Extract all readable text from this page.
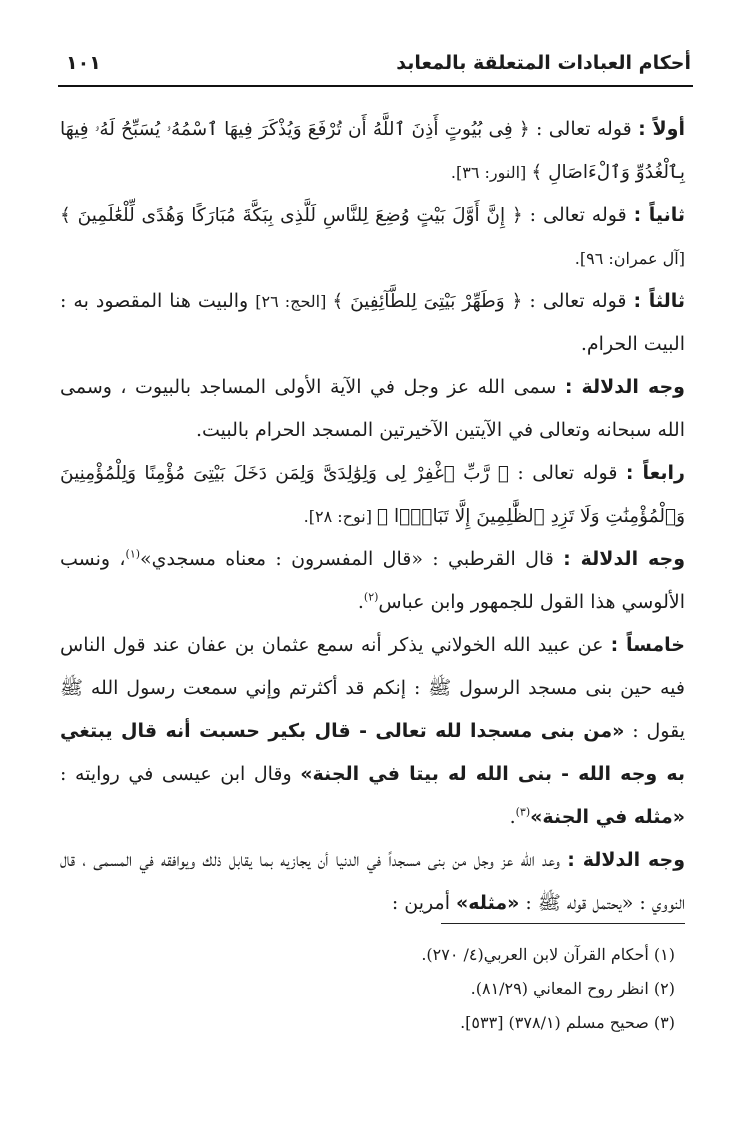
أحكام العبادات المتعلقة بالمعابد
١٠١

أولاً : قوله تعالى : ﴿ فِى بُيُوتٍ أَذِنَ ٱللَّهُ أَن تُرْفَعَ وَيُذْكَرَ فِيهَا ٱسْمُهُۥ يُسَبِّحُ لَهُۥ فِيهَا بِٱلْغُدُوِّ وَٱلْءَاصَالِ ﴾ [النور: ٣٦].

ثانياً : قوله تعالى : ﴿ إِنَّ أَوَّلَ بَيْتٍ وُضِعَ لِلنَّاسِ لَلَّذِى بِبَكَّةَ مُبَارَكًا وَهُدًى لِّلْعَٰلَمِينَ ﴾ [آل عمران: ٩٦].

ثالثاً : قوله تعالى : ﴿ وَطَهِّرْ بَيْتِىَ لِلطَّآئِفِينَ ﴾ [الحج: ٢٦] والبيت هنا المقصود به : البيت الحرام.

وجه الدلالة : سمى الله عز وجل في الآية الأولى المساجد بالبيوت ، وسمى الله سبحانه وتعالى في الآيتين الآخيرتين المسجد الحرام بالبيت.

رابعاً : قوله تعالى : ﴿ رَّبِّ ٱغْفِرْ لِى وَلِوَٰلِدَىَّ وَلِمَن دَخَلَ بَيْتِىَ مُؤْمِنًا وَلِلْمُؤْمِنِينَ وَٱلْمُؤْمِنَٰتِ وَلَا تَزِدِ ٱلظَّٰلِمِينَ إِلَّا تَبَارًۢا ﴾ [نوح: ٢٨].

وجه الدلالة : قال القرطبي : «قال المفسرون : معناه مسجدي»$^{(١)}$، ونسب الألوسي هذا القول للجمهور وابن عباس$^{(٢)}$.

خامساً : عن عبيد الله الخولاني يذكر أنه سمع عثمان بن عفان عند قول الناس فيه حين بنى مسجد الرسول ﷺ : إنكم قد أكثرتم وإني سمعت رسول الله ﷺ يقول : «من بنى مسجدا لله تعالى - قال بكير حسبت أنه قال يبتغي به وجه الله - بنى الله له بيتا في الجنة» وقال ابن عيسى في روايته : «مثله في الجنة»$^{(٣)}$.

وجه الدلالة : وعد الله عز وجل من بنى مسجداً في الدنيا أن يجازيه بما يقابل ذلك ويوافقه في المسمى ، قال النووي : «يحتمل قوله ﷺ : «مثله» أمرين :

(١) أحكام القرآن لابن العربي(٤/ ٢٧٠).

(٢) انظر روح المعاني (٨١/٢٩).

(٣) صحيح مسلم (٣٧٨/١) [٥٣٣].
